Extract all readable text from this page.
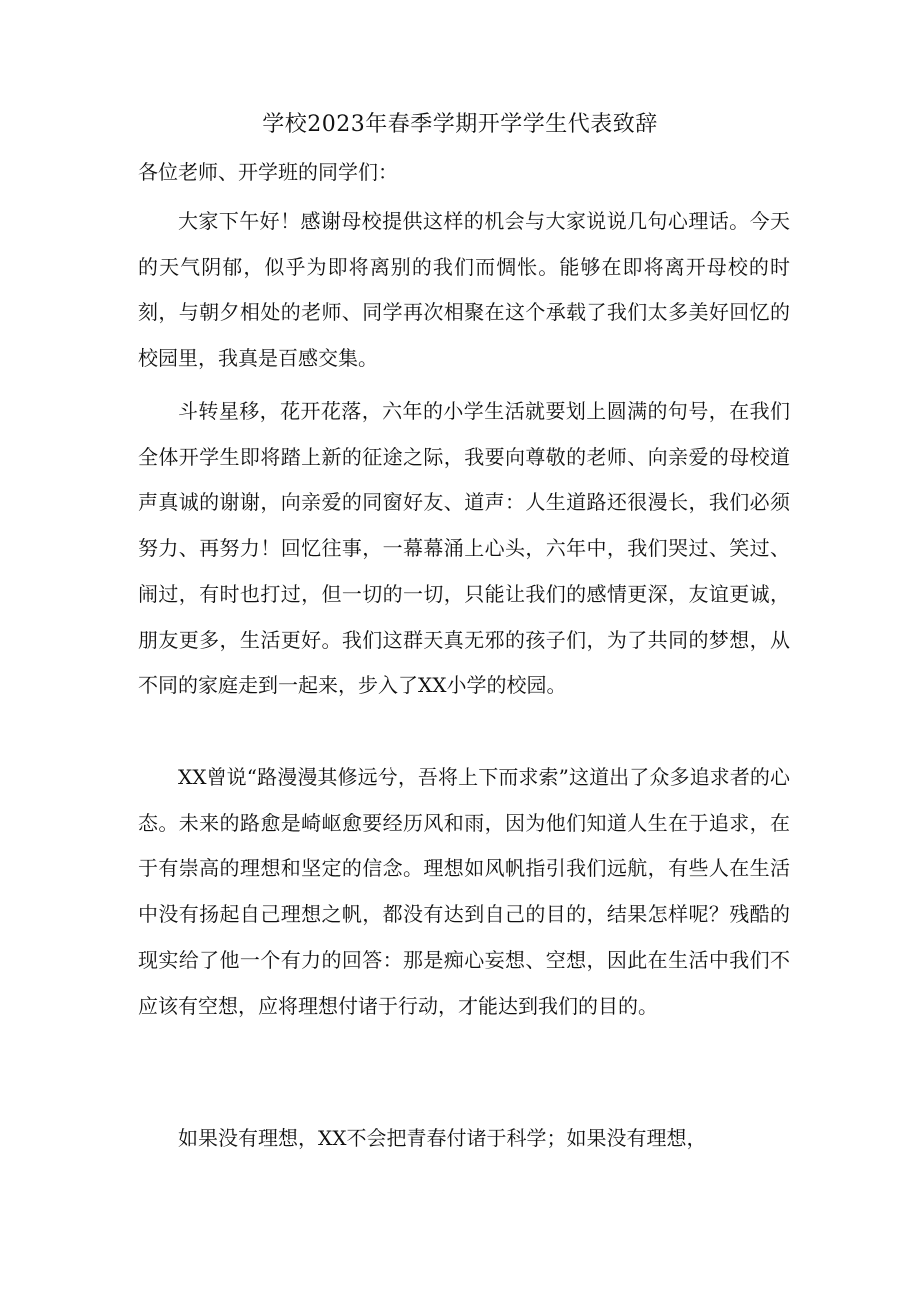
学校2023年春季学期开学学生代表致辞
各位老师、开学班的同学们：

大家下午好！感谢母校提供这样的机会与大家说说几句心理话。今天的天气阴郁，似乎为即将离别的我们而惆怅。能够在即将离开母校的时刻，与朝夕相处的老师、同学再次相聚在这个承载了我们太多美好回忆的校园里，我真是百感交集。

斗转星移，花开花落，六年的小学生活就要划上圆满的句号，在我们全体开学生即将踏上新的征途之际，我要向尊敬的老师、向亲爱的母校道声真诚的谢谢，向亲爱的同窗好友、道声：人生道路还很漫长，我们必须努力、再努力！回忆往事，一幕幕涌上心头，六年中，我们哭过、笑过、闹过，有时也打过，但一切的一切，只能让我们的感情更深，友谊更诚，朋友更多，生活更好。我们这群天真无邪的孩子们，为了共同的梦想，从不同的家庭走到一起来，步入了XX小学的校园。

XX曾说“路漫漫其修远兮，吾将上下而求索”这道出了众多追求者的心态。未来的路愈是崎岖愈要经历风和雨，因为他们知道人生在于追求，在于有崇高的理想和坚定的信念。理想如风帆指引我们远航，有些人在生活中没有扬起自己理想之帆，都没有达到自己的目的，结果怎样呢？残酷的现实给了他一个有力的回答：那是痴心妄想、空想，因此在生活中我们不应该有空想，应将理想付诸于行动，才能达到我们的目的。

如果没有理想，XX不会把青春付诸于科学；如果没有理想，
